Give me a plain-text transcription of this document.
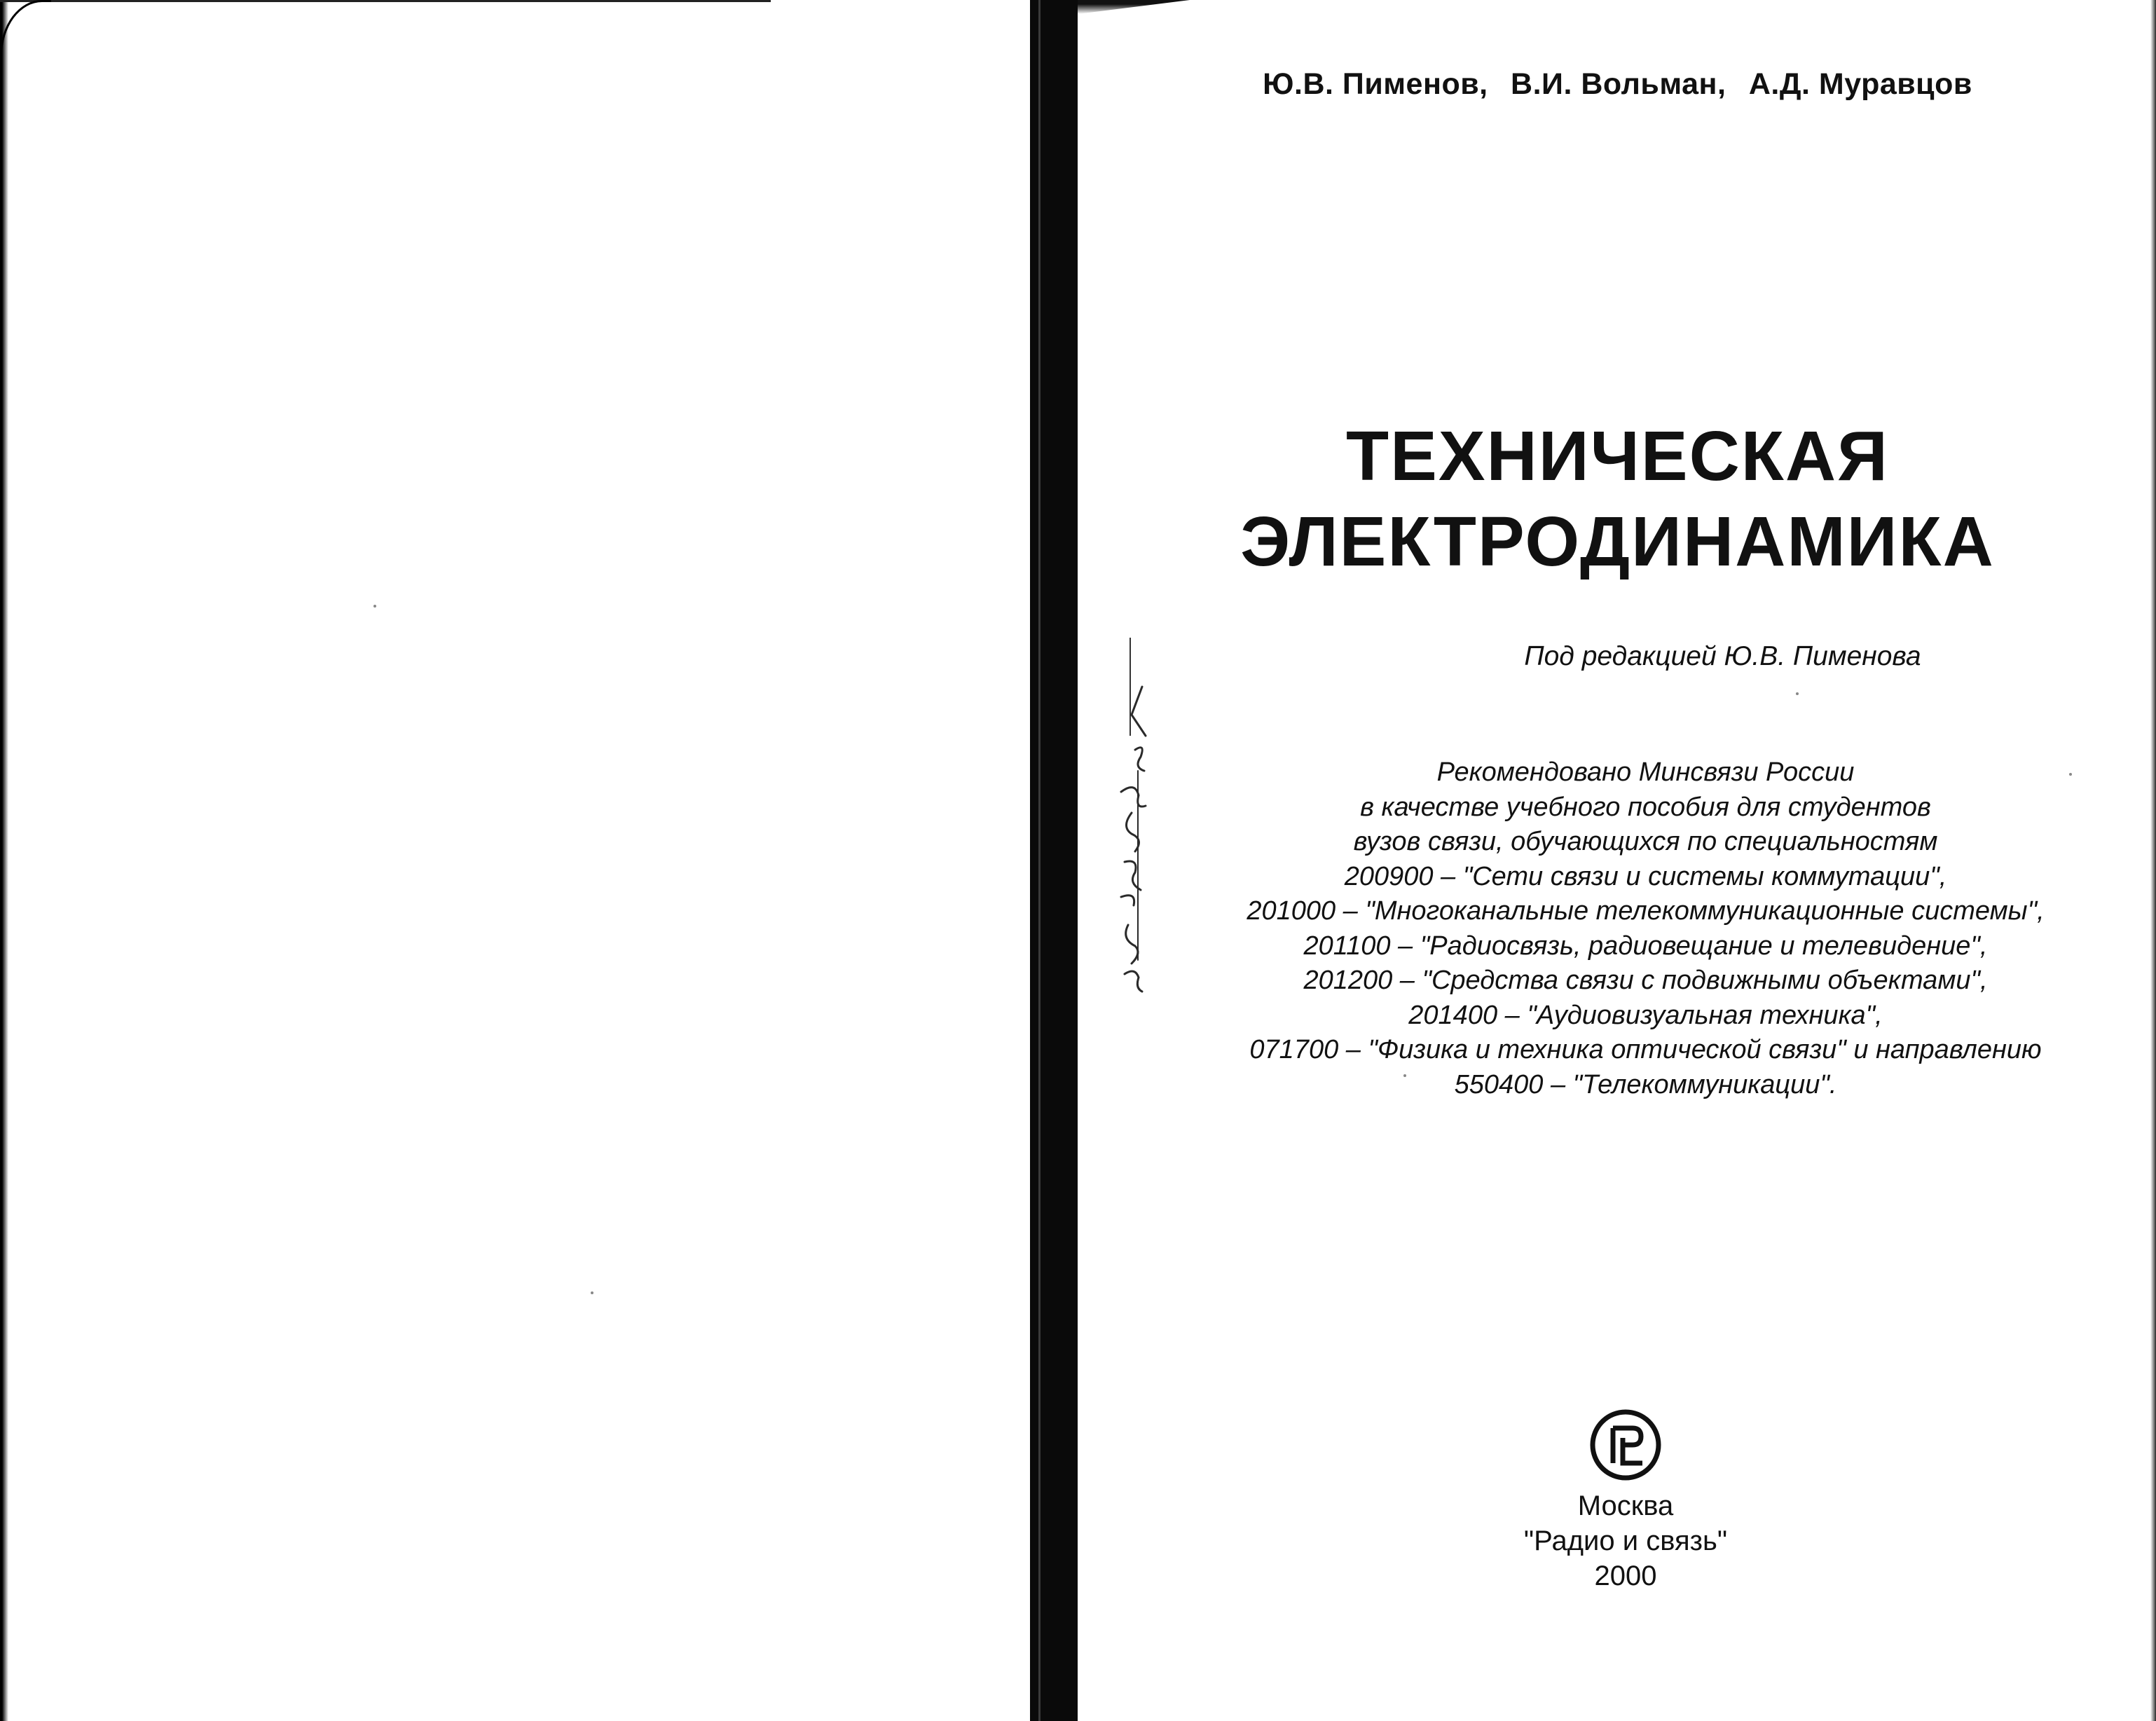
Ю.В. Пименов, В.И. Вольман, А.Д. Муравцов
ТЕХНИЧЕСКАЯ
ЭЛЕКТРОДИНАМИКА
Под редакцией Ю.В. Пименова
Рекомендовано Минсвязи России
в качестве учебного пособия для студентов
вузов связи, обучающихся по специальностям
200900 – "Сети связи и системы коммутации",
201000 – "Многоканальные телекоммуникационные системы",
201100 – "Радиосвязь, радиовещание и телевидение",
201200 – "Средства связи с подвижными объектами",
201400 – "Аудиовизуальная техника",
071700 – "Физика и техника оптической связи" и направлению
550400 – "Телекоммуникации".
Москва
"Радио и связь"
2000
